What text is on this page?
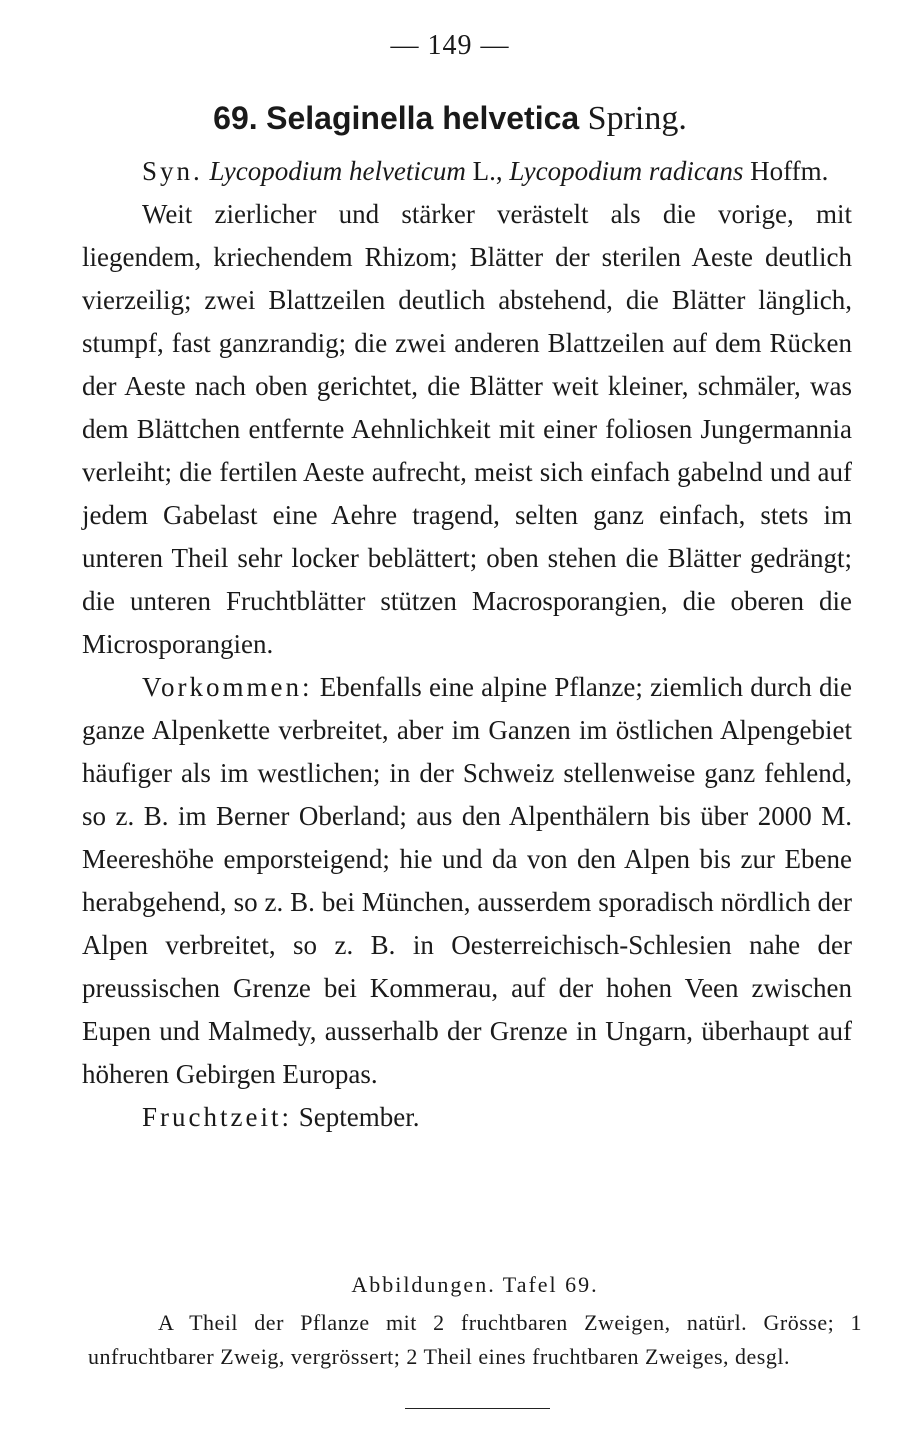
— 149 —
69. Selaginella helvetica Spring.

Syn. Lycopodium helveticum L., Lycopodium radicans Hoffm.

Weit zierlicher und stärker verästelt als die vorige, mit liegendem, kriechendem Rhizom; Blätter der sterilen Aeste deutlich vierzeilig; zwei Blattzeilen deutlich abstehend, die Blätter länglich, stumpf, fast ganzrandig; die zwei anderen Blattzeilen auf dem Rücken der Aeste nach oben gerichtet, die Blätter weit kleiner, schmäler, was dem Blättchen entfernte Aehnlichkeit mit einer foliosen Jungermannia verleiht; die fertilen Aeste aufrecht, meist sich einfach gabelnd und auf jedem Gabelast eine Aehre tragend, selten ganz einfach, stets im unteren Theil sehr locker beblättert; oben stehen die Blätter gedrängt; die unteren Fruchtblätter stützen Macrosporangien, die oberen die Microsporangien.

Vorkommen: Ebenfalls eine alpine Pflanze; ziemlich durch die ganze Alpenkette verbreitet, aber im Ganzen im östlichen Alpengebiet häufiger als im westlichen; in der Schweiz stellenweise ganz fehlend, so z. B. im Berner Oberland; aus den Alpenthälern bis über 2000 M. Meereshöhe emporsteigend; hie und da von den Alpen bis zur Ebene herabgehend, so z. B. bei München, ausserdem sporadisch nördlich der Alpen verbreitet, so z. B. in Oesterreichisch-Schlesien nahe der preussischen Grenze bei Kommerau, auf der hohen Veen zwischen Eupen und Malmedy, ausserhalb der Grenze in Ungarn, überhaupt auf höheren Gebirgen Europas.

Fruchtzeit: September.

Abbildungen. Tafel 69.

A Theil der Pflanze mit 2 fruchtbaren Zweigen, natürl. Grösse; 1 unfruchtbarer Zweig, vergrössert; 2 Theil eines fruchtbaren Zweiges, desgl.
